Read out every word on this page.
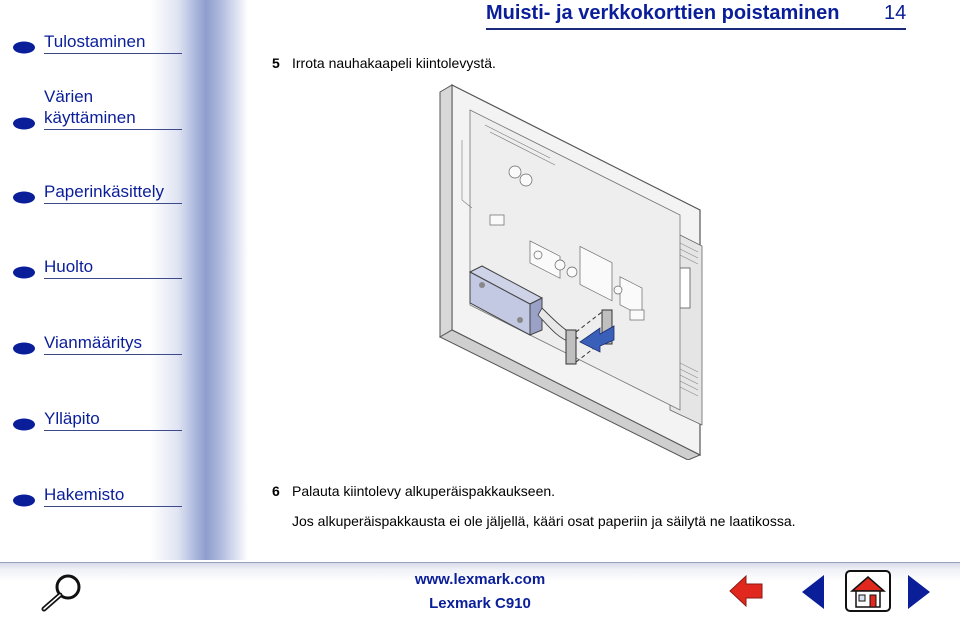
Tulostaminen
Värien
käyttäminen
Paperinkäsittely
Huolto
Vianmääritys
Ylläpito
Hakemisto
Muisti- ja verkkokorttien poistaminen 14
5 Irrota nauhakaapeli kiintolevystä.
6 Palauta kiintolevy alkuperäispakkaukseen.
Jos alkuperäispakkausta ei ole jäljellä, kääri osat paperiin ja säilytä ne laatikossa.
www.lexmark.com
Lexmark C910
